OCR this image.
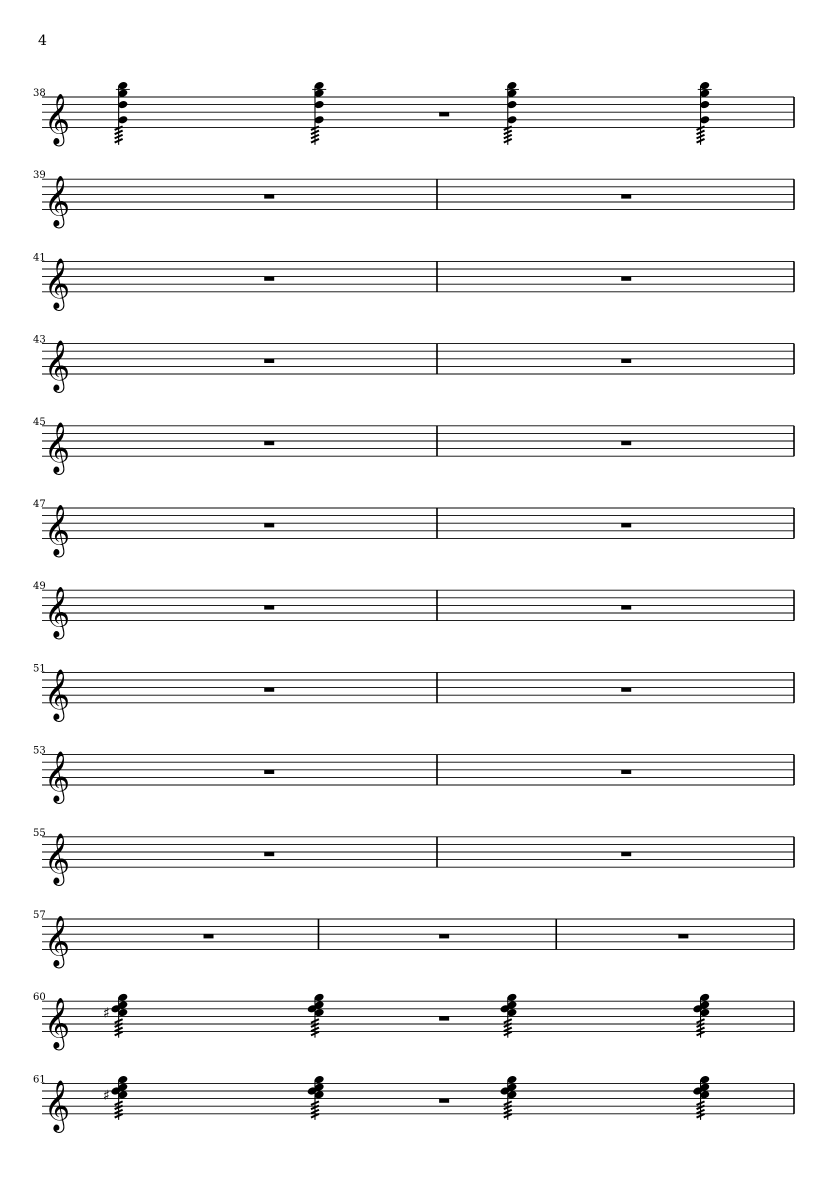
4
𝄞
38
𝄞
39
𝄞
41
𝄞
43
𝄞
45
𝄞
47
𝄞
49
𝄞
51
𝄞
53
𝄞
55
𝄞
57
𝄞
60
♯
𝄞
61
♯
